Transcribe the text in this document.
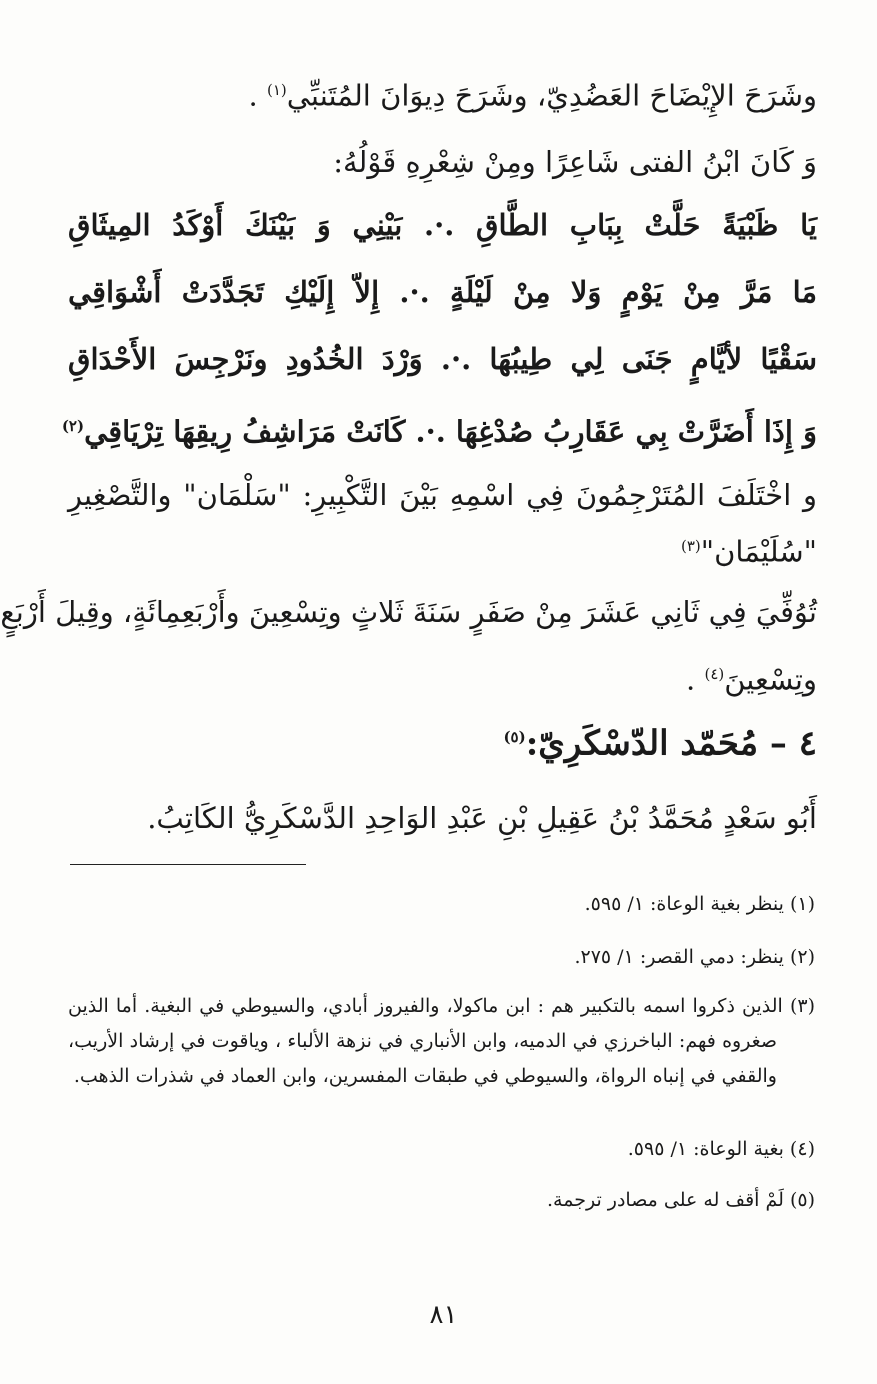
وشَرَحَ الإِيْضَاحَ العَضُدِيّ، وشَرَحَ دِيوَانَ المُتَنبِّي$^{(١)}$ .
وَ كَانَ ابْنُ الفتى شَاعِرًا ومِنْ شِعْرِهِ قَوْلُهُ:
يَا ظَبْيَةً حَلَّتْ بِبَابِ الطَّاقِ .·. بَيْنِي وَ بَيْنَكَ أَوْكَدُ المِيثَاقِ
مَا مَرَّ مِنْ يَوْمٍ وَلا مِنْ لَيْلَةٍ .·. إِلاّ إِلَيْكِ تَجَدَّدَتْ أَشْوَاقِي
سَقْيًا لأيَّامٍ جَنَى لِي طِيبُهَا .·. وَرْدَ الخُدُودِ ونَرْجِسَ الأَحْدَاقِ
وَ إِذَا أَضَرَّتْ بِي عَقَارِبُ صُدْغِهَا .·. كَانَتْ مَرَاشِفُ رِيقِهَا تِرْيَاقِي$^{(٢)}$
و اخْتَلَفَ المُتَرْجِمُونَ فِي اسْمِهِ بَيْنَ التَّكْبِيرِ: "سَلْمَان" والتَّصْغِيرِ
"سُلَيْمَان"$^{(٣)}$
تُوُفِّيَ فِي ثَانِي عَشَرَ مِنْ صَفَرٍ سَنَةَ ثَلاثٍ وتِسْعِينَ وأَرْبَعِمِائَةٍ، وقِيلَ أَرْبَعٍ
وتِسْعِينَ$^{(٤)}$ .
٤ – مُحَمّد الدّسْكَرِيّ:$^{(٥)}$
أَبُو سَعْدٍ مُحَمَّدُ بْنُ عَقِيلِ بْنِ عَبْدِ الوَاحِدِ الدَّسْكَرِيُّ الكَاتِبُ.
(١) ينظر بغية الوعاة: ١/ ٥٩٥.
(٢) ينظر: دمي القصر: ١/ ٢٧٥.
(٣) الذين ذكروا اسمه بالتكبير هم : ابن ماكولا، والفيروز أبادي، والسيوطي في البغية. أما الذين
صغروه فهم: الباخرزي في الدميه، وابن الأنباري في نزهة الألباء ، وياقوت في إرشاد الأريب،
والقفي في إنباه الرواة، والسيوطي في طبقات المفسرين، وابن العماد في شذرات الذهب.
(٤) بغية الوعاة: ١/ ٥٩٥.
(٥) لَمْ أقف له على مصادر ترجمة.
٨١
